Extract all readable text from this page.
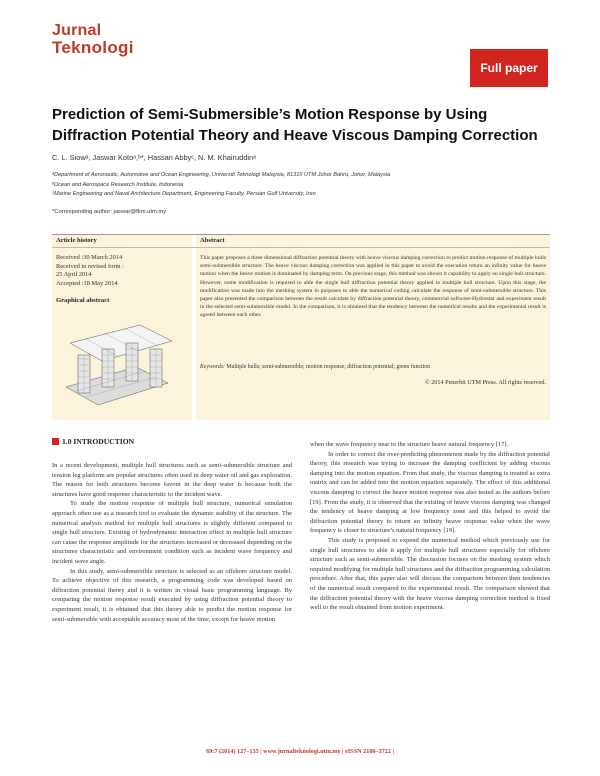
Jurnal
Teknologi
Full paper
Prediction of Semi-Submersible’s Motion Response by Using Diffraction Potential Theory and Heave Viscous Damping Correction
C. L. Siowᵃ, Jaswar Kotoᵃ,ᵇ*, Hassan Abbyᶜ, N. M. Khairuddinᵃ
ᵃDepartment of Aeronautic, Automotive and Ocean Engineering, Universiti Teknologi Malaysia, 81310 UTM Johor Bahru, Johor, Malaysia
ᵇOcean and Aerospace Research Institute, Indonesia
ᶜMarine Engineering and Naval Architecture Department, Engineering Faculty, Persian Gulf University, Iran
*Corresponding author: jaswar@fkm.utm.my
Article history	Abstract
Received :30 March 2014
Received in revised form :
25 April 2014
Accepted :18 May 2014
Graphical abstract
This paper proposes a three dimensional diffraction potential theory with heave viscous damping correction to predict motion response of multiple hulls semi-submersible structure. The heave viscous damping correction was applied in this paper to avoid the execution return an infinity value for heave motion when the heave motion is dominated by damping term. On previous stage, this method was shown it capability to apply on single hull structure. However, some modification is required to able the single hull diffraction potential theory applied to multiple hull structure. Upon this stage, the modification was made into the meshing system in purposes to able the numerical coding calculate the response of semi-submersible structure. This paper also presented the comparison between the result calculate by diffraction potential theory, commercial software-Hydrostar and experiment result in the selected semi-submersible model. In the comparison, it is obtained that the tendency between the numerical results and the experimental result is agreed between each other.
Keywords: Multiple hulls; semi-submersible; motion response; diffraction potential; green function
© 2014 Penerbit UTM Press. All rights reserved.
1.0 INTRODUCTION

In a recent development, multiple hull structures such as semi-submersible structure and tension leg platform are popular structures often used in deep water oil and gas exploration. The reason for both structures become favour in the deep water is because both the structures have good response characteristic to the incident wave.

To study the motion response of multiple hull structure, numerical simulation approach often use as a research tool to evaluate the dynamic stability of the structure. The numerical analysis method for multiple hull structures is slightly different compared to single hull structure. Existing of hydrodynamic interaction effect in multiple hull structure can cause the response amplitude for the structures increased or decreased depending on the structures characteristic and environment condition such as incident wave frequency and incident wave angle.

In this study, semi-submersible structure is selected as an offshore structure model. To achieve objective of this research, a programming code was developed based on diffraction potential theory and it is written in visual basic programming language. By comparing the motion response result executed by using diffraction potential theory to experiment result, it is obtained that this theory able to predict the motion response for semi-submersible with acceptable accuracy most of the time, except for heave motion

when the wave frequency near to the structure heave natural frequency [17].

In order to correct the over-predicting phenomenon made by the diffraction potential theory, this research was trying to increase the damping coefficient by adding viscous damping into the motion equation. From that study, the viscous damping is treated as extra matrix and can be added into the motion equation separately. The effect of this additional viscous damping to correct the heave motion response was also tested as the authors before [19]. From the study, it is observed that the existing of heave viscous damping was changed the tendency of heave damping at low frequency zone and this helped to avoid the diffraction potential theory to return an infinity heave response value when the wave frequency is closer to structure’s natural frequency [19].

This study is proposed to expend the numerical method which previously use for single hull structures to able it apply for multiple hull structures especially for offshore structure such as semi-submersible. The discussion focuses on the meshing system which required modifying for multiple hull structures and the diffraction programming calculation procedure. After that, this paper also will discuss the comparison between then tendencies of the numerical result compared to the experimental result. The comparison showed that the diffraction potential theory with the heave viscous damping correction method is fixed well to the result obtained from motion experiment.

69:7 (2014) 127–133 | www.jurnalteknologi.utm.my | eISSN 2180–3722 |
